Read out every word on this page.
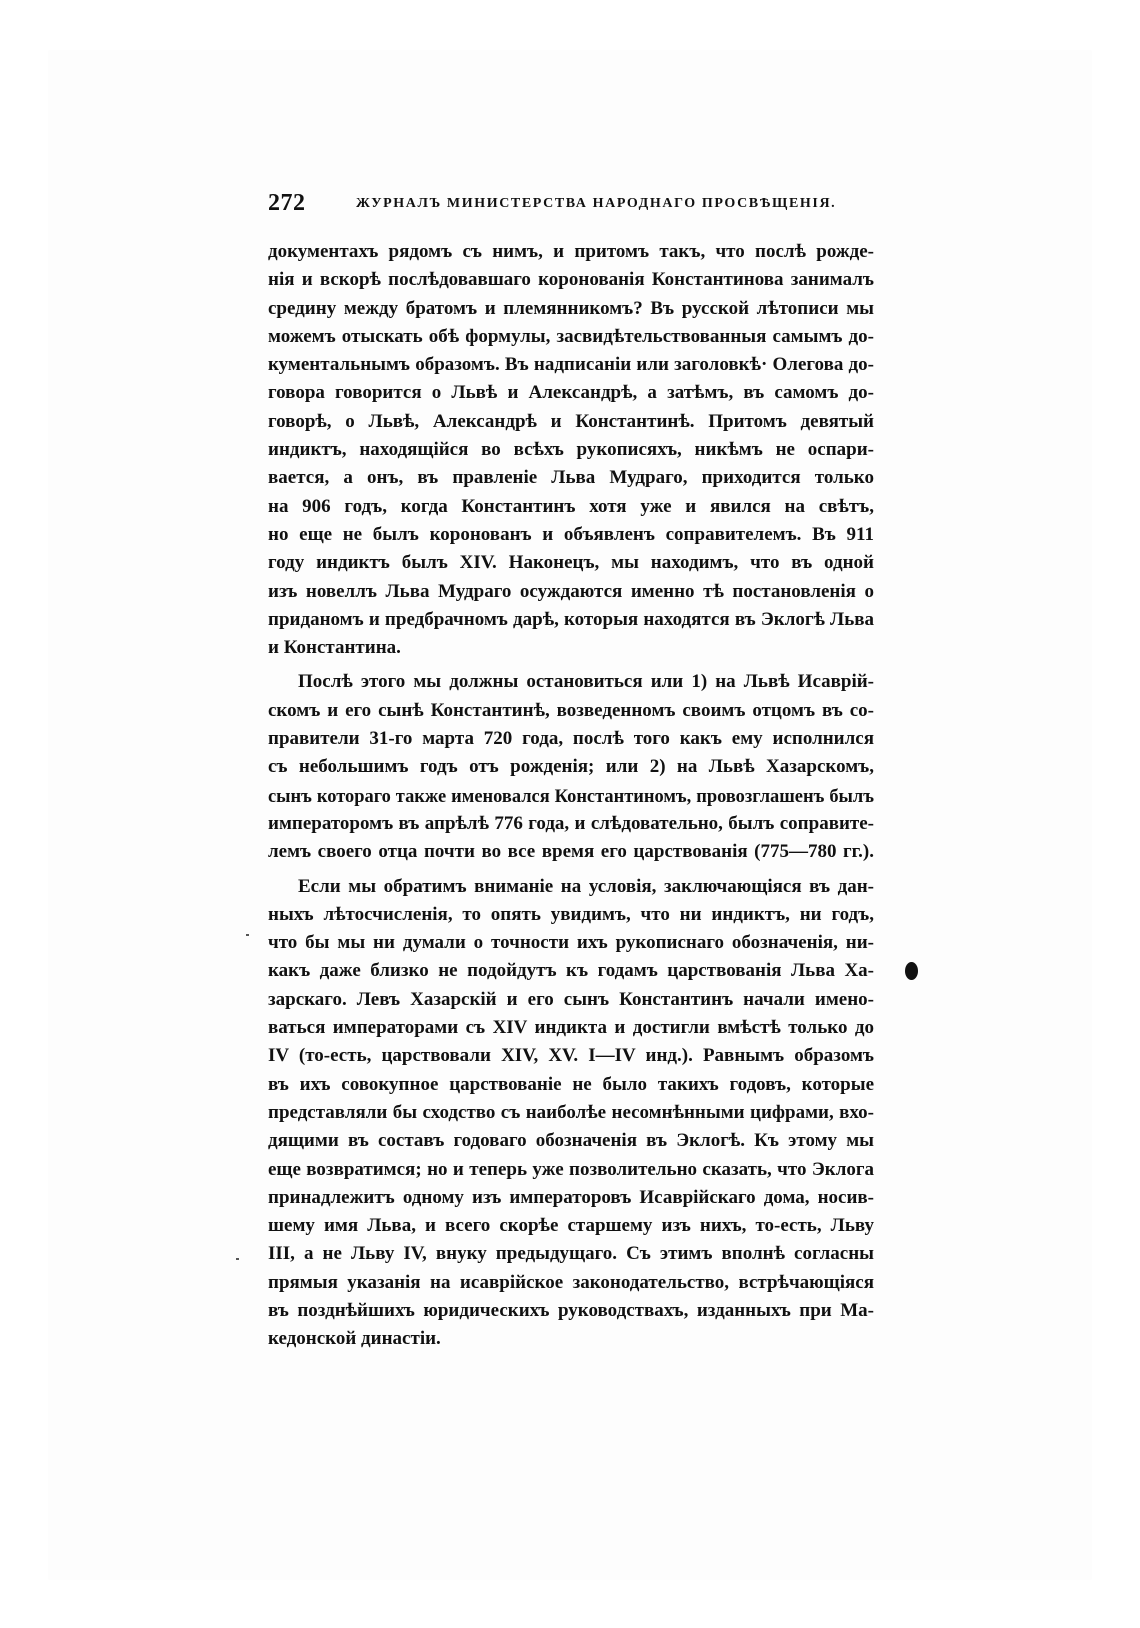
272	ЖУРНАЛЪ МИНИСТЕРСТВА НАРОДНАГО ПРОСВѢЩЕНІЯ.
документахъ рядомъ съ нимъ, и притомъ такъ, что послѣ рожде-
нія и вскорѣ послѣдовавшаго коронованія Константинова занималъ
средину между братомъ и племянникомъ? Въ русской лѣтописи мы
можемъ отыскать обѣ формулы, засвидѣтельствованныя самымъ до-
кументальнымъ образомъ. Въ надписаніи или заголовкѣ· Олегова до-
говора говорится о Львѣ и Александрѣ, а затѣмъ, въ самомъ до-
говорѣ, о Львѣ, Александрѣ и Константинѣ. Притомъ девятый
индиктъ, находящійся во всѣхъ рукописяхъ, никѣмъ не оспари-
вается, а онъ, въ правленіе Льва Мудраго, приходится только
на 906 годъ, когда Константинъ хотя уже и явился на свѣтъ,
но еще не былъ коронованъ и объявленъ соправителемъ. Въ 911
году индиктъ былъ XIV. Наконецъ, мы находимъ, что въ одной
изъ новеллъ Льва Мудраго осуждаются именно тѣ постановленія о
приданомъ и предбрачномъ дарѣ, которыя находятся въ Эклогѣ Льва
и Константина.
Послѣ этого мы должны остановиться или 1) на Львѣ Исаврій-
скомъ и его сынѣ Константинѣ, возведенномъ своимъ отцомъ въ со-
правители 31-го марта 720 года, послѣ того какъ ему исполнился
съ небольшимъ годъ отъ рожденія; или 2) на Львѣ Хазарскомъ,
сынъ котораго также именовался Константиномъ, провозглашенъ былъ
императоромъ въ апрѣлѣ 776 года, и слѣдовательно, былъ соправите-
лемъ своего отца почти во все время его царствованія (775—780 гг.).
Если мы обратимъ вниманіе на условія, заключающіяся въ дан-
ныхъ лѣтосчисленія, то опять увидимъ, что ни индиктъ, ни годъ,
что бы мы ни думали о точности ихъ рукописнаго обозначенія, ни-
какъ даже близко не подойдутъ къ годамъ царствованія Льва Ха-
зарскаго. Левъ Хазарскій и его сынъ Константинъ начали имено-
ваться императорами съ XIV индикта и достигли вмѣстѣ только до
IV (то-есть, царствовали XIV, XV. I—IV инд.). Равнымъ образомъ
въ ихъ совокупное царствованіе не было такихъ годовъ, которые
представляли бы сходство съ наиболѣе несомнѣнными цифрами, вхо-
дящими въ составъ годоваго обозначенія въ Эклогѣ. Къ этому мы
еще возвратимся; но и теперь уже позволительно сказать, что Эклога
принадлежитъ одному изъ императоровъ Исаврійскаго дома, носив-
шему имя Льва, и всего скорѣе старшему изъ нихъ, то-есть, Льву
III, а не Льву IV, внуку предыдущаго. Съ этимъ вполнѣ согласны
прямыя указанія на исаврійское законодательство, встрѣчающіяся
въ позднѣйшихъ юридическихъ руководствахъ, изданныхъ при Ма-
кедонской династіи.
